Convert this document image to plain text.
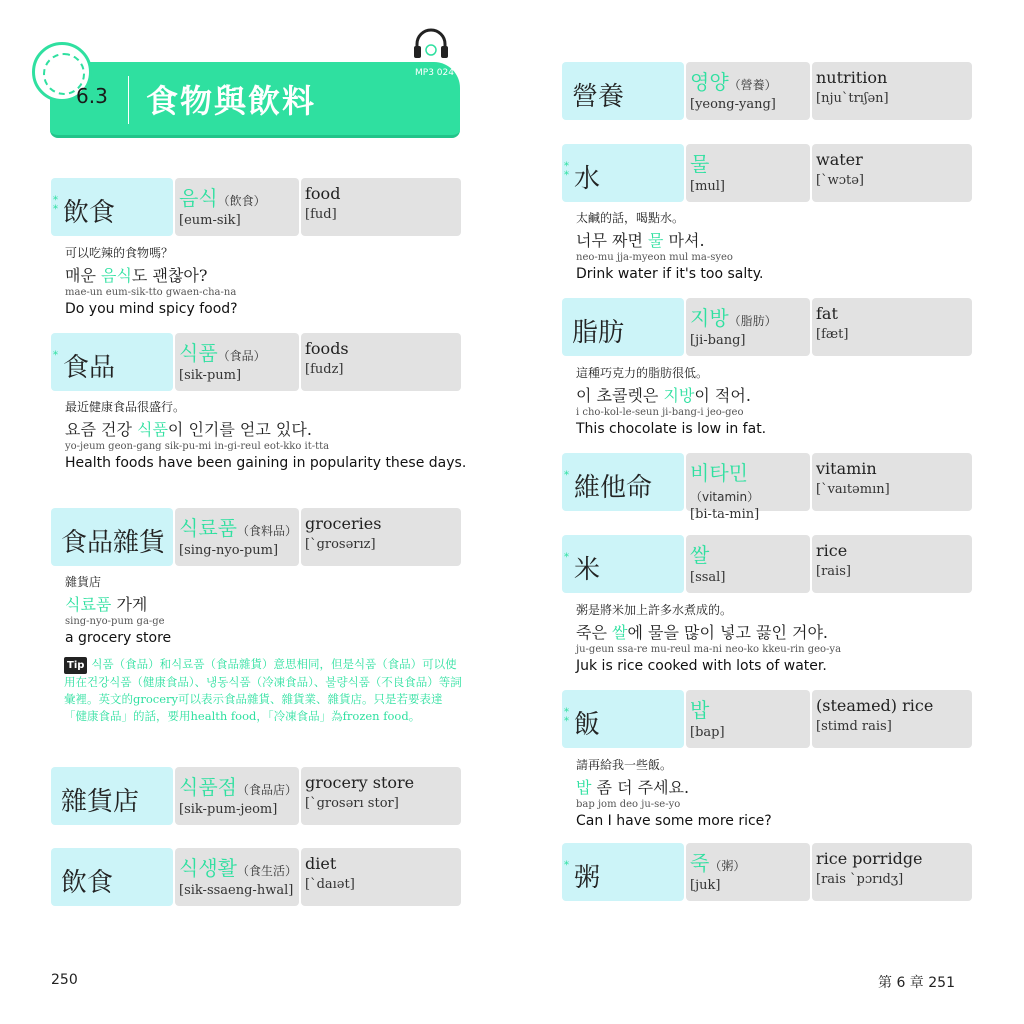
6.3 食物與飲料
MP3 024
*
* 飲食	음식（飲食）
[eum-sik]
food
[fud]
* 食品	식품（食品）
[sik-pum]
foods
[fudz]
食品雜貨 식료품（食料品）
[sing-nyo-pum]
groceries
[`grosərız]
雜貨店	식품점（食品店）
[sik-pum-jeom]
grocery store
[`grosərı stor]
飲食	식생활（食生活）
[sik-ssaeng-hwal]
diet
[`daıət]
可以吃辣的食物嗎？
매운 음식도 괜찮아?
mae-un eum-sik-tto gwaen-cha-na
Do you mind spicy food?
最近健康食品很盛行。
요즘 건강 식품이 인기를 얻고 있다.
yo-jeum geon-gang sik-pu-mi in-gi-reul eot-kko it-tta
Health foods have been gaining in popularity these days.
雜貨店
식료품 가게
sing-nyo-pum ga-ge
a grocery store
Tip 식품（食品）和식료품（食品雜貨）意思相同，但是식품（食品）可以使用在건강식품（健康食品）、냉동식품（冷凍食品）、불량식품（不良食品）等詞彙裡。英文的grocery可以表示食品雜貨、雜貨業、雜貨店。只是若要表達「健康食品」的話，要用health food，「冷凍食品」為frozen food。
營養	영양（營養）
[yeong-yang]
nutrition
[nju`trıʃən]
*
* 水	물
[mul]
water
[`wɔtə]
脂肪	지방（脂肪）
[ji-bang]
fat
[fæt]
* 維他命	비타민（vitamin）
[bi-ta-min]
vitamin
[`vaıtəmın]
* 米	쌀
[ssal]
rice
[rais]
*
* 飯	밥
[bap]
(steamed) rice
[stimd rais]
* 粥	죽（粥）
[juk]
rice porridge
[rais `pɔrıdʒ]
太鹹的話，喝點水。
너무 짜면 물 마셔.
neo-mu jja-myeon mul ma-syeo
Drink water if it's too salty.
這種巧克力的脂肪很低。
이 초콜렛은 지방이 적어.
i cho-kol-le-seun ji-bang-i jeo-geo
This chocolate is low in fat.
粥是將米加上許多水煮成的。
죽은 쌀에 물을 많이 넣고 끓인 거야.
ju-geun ssa-re mu-reul ma-ni neo-ko kkeu-rin geo-ya
Juk is rice cooked with lots of water.
請再給我一些飯。
밥 좀 더 주세요.
bap jom deo ju-se-yo
Can I have some more rice?
250	第 6 章 251
